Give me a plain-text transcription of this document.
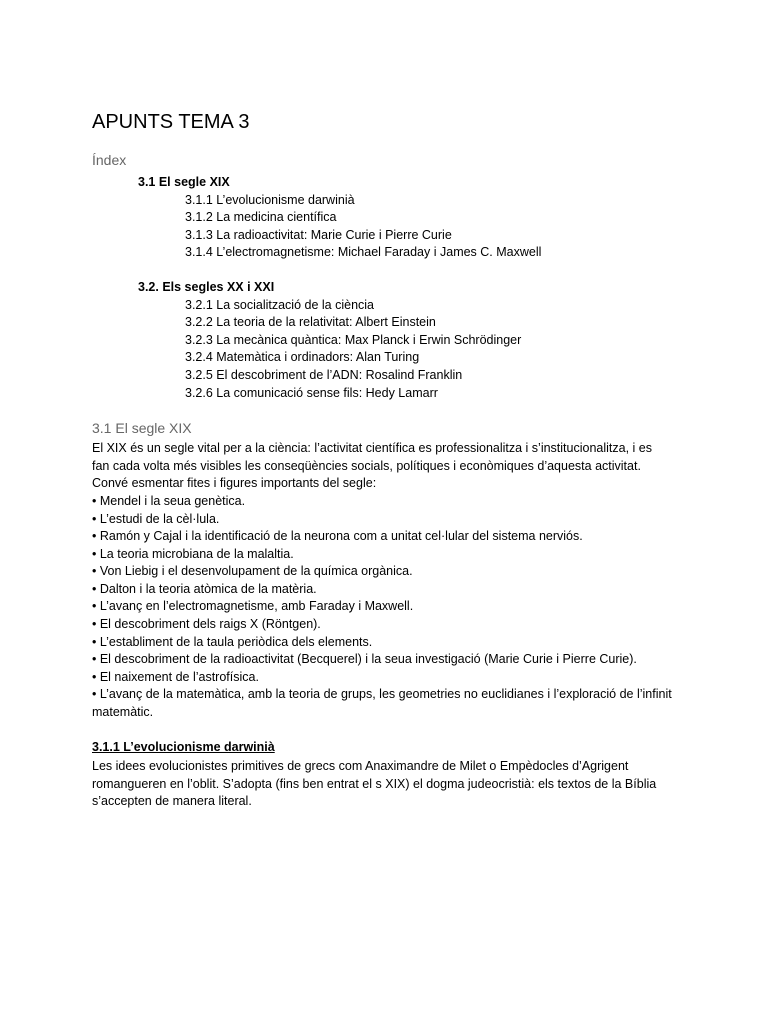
APUNTS TEMA 3
Índex
3.1 El segle XIX
3.1.1 L’evolucionisme darwinià
3.1.2 La medicina científica
3.1.3 La radioactivitat: Marie Curie i Pierre Curie
3.1.4 L’electromagnetisme: Michael Faraday i James C. Maxwell
3.2. Els segles XX i XXI
3.2.1 La socialització de la ciència
3.2.2 La teoria de la relativitat: Albert Einstein
3.2.3 La mecànica quàntica: Max Planck i Erwin Schrödinger
3.2.4 Matemàtica i ordinadors: Alan Turing
3.2.5 El descobriment de l’ADN: Rosalind Franklin
3.2.6 La comunicació sense fils: Hedy Lamarr
3.1 El segle XIX

El XIX és un segle vital per a la ciència: l’activitat científica es professionalitza i s’institucionalitza, i es fan cada volta més visibles les conseqüències socials, polítiques i econòmiques d’aquesta activitat.

Convé esmentar fites i figures importants del segle:

• Mendel i la seua genètica.
• L’estudi de la cèl·lula.
• Ramón y Cajal i la identificació de la neurona com a unitat cel·lular del sistema nerviós.
• La teoria microbiana de la malaltia.
• Von Liebig i el desenvolupament de la química orgànica.
• Dalton i la teoria atòmica de la matèria.
• L’avanç en l’electromagnetisme, amb Faraday i Maxwell.
• El descobriment dels raigs X (Röntgen).
• L’establiment de la taula periòdica dels elements.
• El descobriment de la radioactivitat (Becquerel) i la seua investigació (Marie Curie i Pierre Curie).
• El naixement de l’astrofísica.
• L’avanç de la matemàtica, amb la teoria de grups, les geometries no euclidianes i l’exploració de l’infinit matemàtic.
3.1.1 L’evolucionisme darwinià

Les idees evolucionistes primitives de grecs com Anaximandre de Milet o Empèdocles d’Agrigent romangueren en l’oblit. S’adopta (fins ben entrat el s XIX) el dogma judeocristià: els textos de la Bíblia s’accepten de manera literal.
